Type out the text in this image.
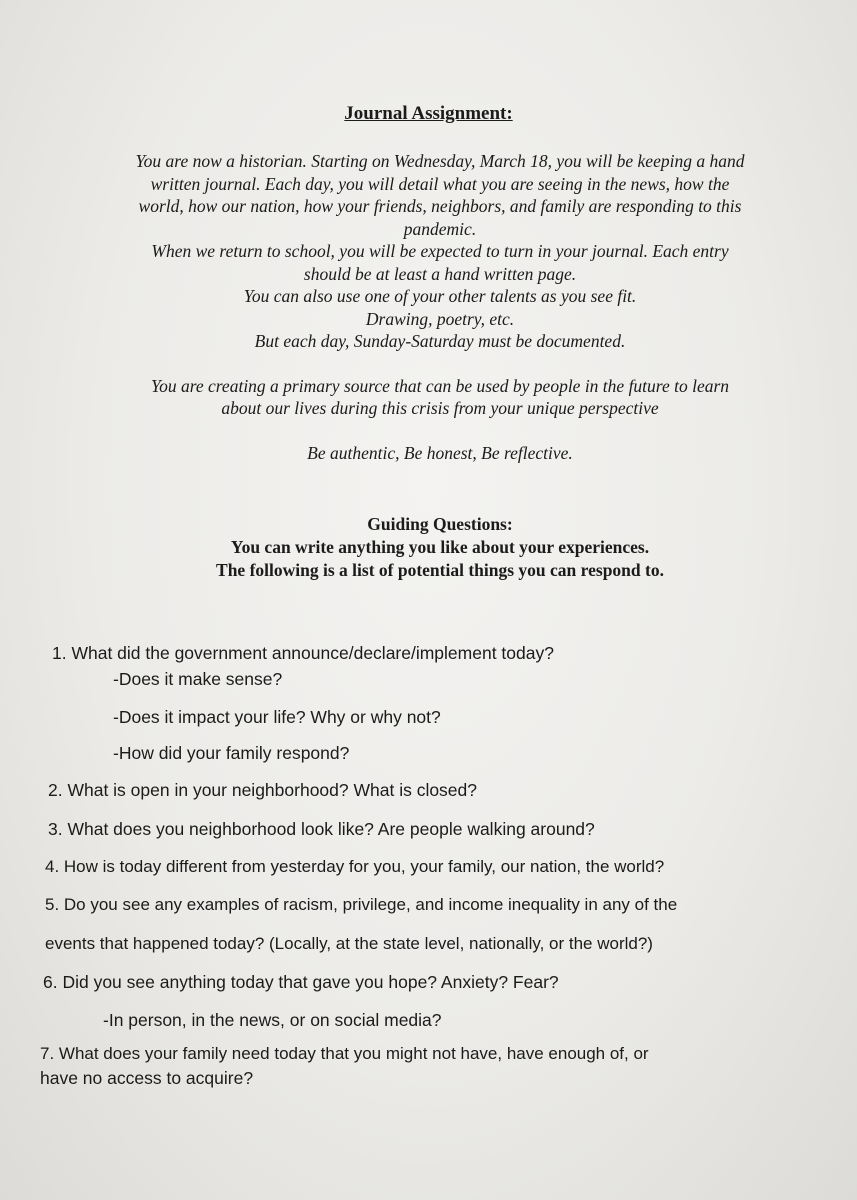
Journal Assignment:

You are now a historian. Starting on Wednesday, March 18, you will be keeping a hand

written journal. Each day, you will detail what you are seeing in the news, how the

world, how our nation, how your friends, neighbors, and family are responding to this

pandemic.

When we return to school, you will be expected to turn in your journal. Each entry

should be at least a hand written page.

You can also use one of your other talents as you see fit.

Drawing, poetry, etc.

But each day, Sunday-Saturday must be documented.

You are creating a primary source that can be used by people in the future to learn

about our lives during this crisis from your unique perspective

Be authentic, Be honest, Be reflective.

Guiding Questions:

You can write anything you like about your experiences.

The following is a list of potential things you can respond to.

1. What did the government announce/declare/implement today?
-Does it make sense?
-Does it impact your life? Why or why not?
-How did your family respond?
2. What is open in your neighborhood? What is closed?
3. What does you neighborhood look like? Are people walking around?
4. How is today different from yesterday for you, your family, our nation, the world?
5. Do you see any examples of racism, privilege, and income inequality in any of the
events that happened today? (Locally, at the state level, nationally, or the world?)
6. Did you see anything today that gave you hope? Anxiety? Fear?
-In person, in the news, or on social media?
7. What does your family need today that you might not have, have enough of, or
have no access to acquire?
